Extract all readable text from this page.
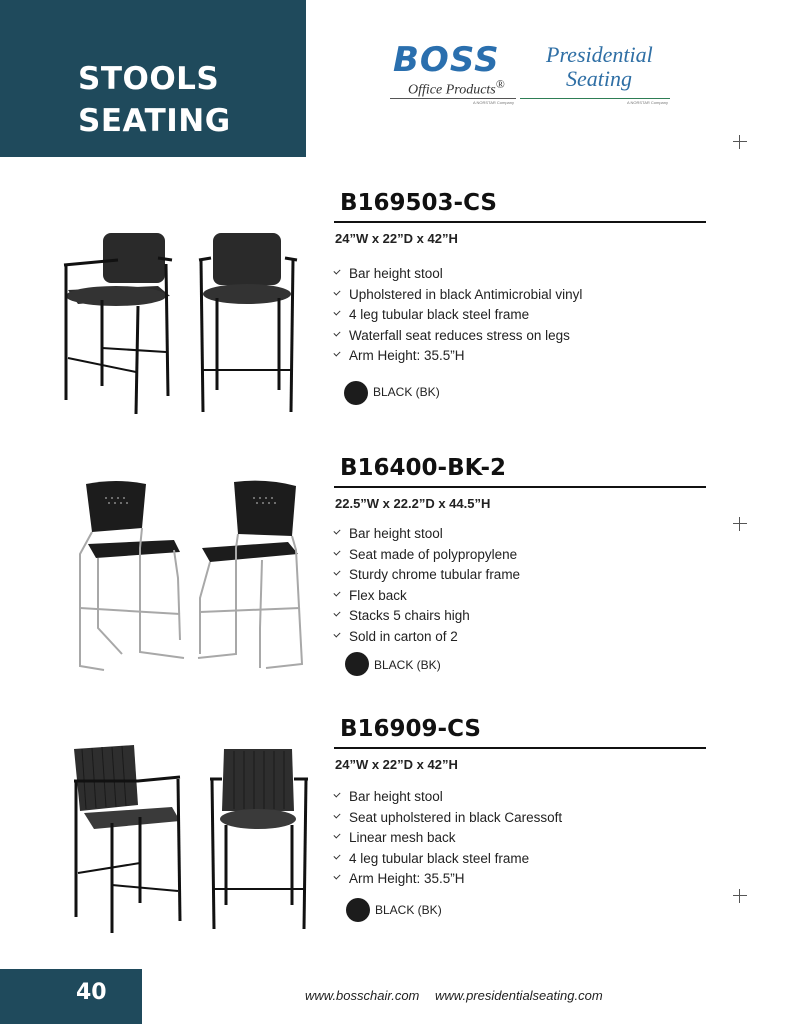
STOOLS
SEATING
BOSS
Office Products®
A NORSTAR Company
Presidential
Seating
A NORSTAR Company
B169503-CS
24”W x 22”D x 42”H
Bar height stool
Upholstered in black Antimicrobial vinyl
4 leg tubular black steel frame
Waterfall seat reduces stress on legs
Arm Height: 35.5”H
BLACK (BK)
B16400-BK-2
22.5”W x 22.2”D x 44.5”H
Bar height stool
Seat made of polypropylene
Sturdy chrome tubular frame
Flex back
Stacks 5 chairs high
Sold in carton of 2
BLACK (BK)
B16909-CS
24”W x 22”D x 42”H
Bar height stool
Seat upholstered in black Caressoft
Linear mesh back
4 leg tubular black steel frame
Arm Height: 35.5”H
BLACK (BK)
40	www.bosschair.com www.presidentialseating.com
